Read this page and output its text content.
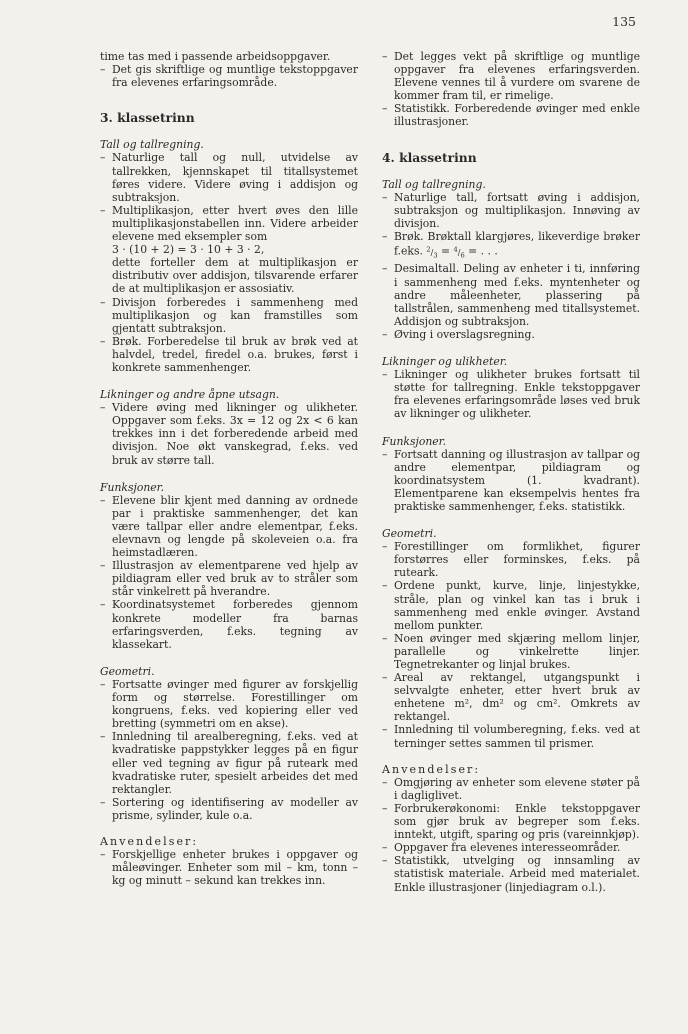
135
time tas med i passende arbeidsoppgaver.
– Det gis skriftlige og muntlige tekstoppgaver fra elevenes erfaringsområde.
3. klassetrinn
Tall og tallregning.
– Naturlige tall og null, utvidelse av tallrekken, kjennskapet til titallsystemet føres videre. Videre øving i addisjon og subtraksjon.
– Multiplikasjon, etter hvert øves den lille multiplikasjonstabellen inn. Videre arbeider elevene med eksempler som
3 · (10 + 2) = 3 · 10 + 3 · 2,
dette forteller dem at multiplikasjon er distributiv over addisjon, tilsvarende erfarer de at multiplikasjon er assosiativ.
– Divisjon forberedes i sammenheng med multiplikasjon og kan framstilles som gjentatt subtraksjon.
– Brøk. Forberedelse til bruk av brøk ved at halvdel, tredel, firedel o.a. brukes, først i konkrete sammenhenger.
Likninger og andre åpne utsagn.
– Videre øving med likninger og ulikheter. Oppgaver som f.eks. 3x = 12 og 2x < 6 kan trekkes inn i det forberedende arbeid med divisjon. Noe økt vanskegrad, f.eks. ved bruk av større tall.
Funksjoner.
– Elevene blir kjent med danning av ordnede par i praktiske sammenhenger, det kan være tallpar eller andre elementpar, f.eks. elevnavn og lengde på skoleveien o.a. fra heimstadlæren.
– Illustrasjon av elementparene ved hjelp av pildiagram eller ved bruk av to stråler som står vinkelrett på hverandre.
– Koordinatsystemet forberedes gjennom konkrete modeller fra barnas erfaringsverden, f.eks. tegning av klassekart.
Geometri.
– Fortsatte øvinger med figurer av forskjellig form og størrelse. Forestillinger om kongruens, f.eks. ved kopiering eller ved bretting (symmetri om en akse).
– Innledning til arealberegning, f.eks. ved at kvadratiske pappstykker legges på en figur eller ved tegning av figur på ruteark med kvadratiske ruter, spesielt arbeides det med rektangler.
– Sortering og identifisering av modeller av prisme, sylinder, kule o.a.
Anvendelser:
– Forskjellige enheter brukes i oppgaver og måleøvinger. Enheter som mil – km, tonn – kg og minutt – sekund kan trekkes inn.
– Det legges vekt på skriftlige og muntlige oppgaver fra elevenes erfaringsverden. Elevene vennes til å vurdere om svarene de kommer fram til, er rimelige.
– Statistikk. Forberedende øvinger med enkle illustrasjoner.
4. klassetrinn
Tall og tallregning.
– Naturlige tall, fortsatt øving i addisjon, subtraksjon og multiplikasjon. Innøving av divisjon.
– Brøk. Brøktall klargjøres, likeverdige brøker f.eks. $^2/_3 = ^4/_6$ = . . .
– Desimaltall. Deling av enheter i ti, innføring i sammenheng med f.eks. myntenheter og andre måleenheter, plassering på tallstrålen, sammenheng med titallsystemet. Addisjon og subtraksjon.
– Øving i overslagsregning.
Likninger og ulikheter.
– Likninger og ulikheter brukes fortsatt til støtte for tallregning. Enkle tekstoppgaver fra elevenes erfaringsområde løses ved bruk av likninger og ulikheter.
Funksjoner.
– Fortsatt danning og illustrasjon av tallpar og andre elementpar, pildiagram og koordinatsystem (1. kvadrant). Elementparene kan eksempelvis hentes fra praktiske sammenhenger, f.eks. statistikk.
Geometri.
– Forestillinger om formlikhet, figurer forstørres eller forminskes, f.eks. på ruteark.
– Ordene punkt, kurve, linje, linjestykke, stråle, plan og vinkel kan tas i bruk i sammenheng med enkle øvinger. Avstand mellom punkter.
– Noen øvinger med skjæring mellom linjer, parallelle og vinkelrette linjer. Tegnetrekanter og linjal brukes.
– Areal av rektangel, utgangspunkt i selvvalgte enheter, etter hvert bruk av enhetene m², dm² og cm². Omkrets av rektangel.
– Innledning til volumberegning, f.eks. ved at terninger settes sammen til prismer.
Anvendelser:
– Omgjøring av enheter som elevene støter på i dagliglivet.
– Forbrukerøkonomi: Enkle tekstoppgaver som gjør bruk av begreper som f.eks. inntekt, utgift, sparing og pris (vareinnkjøp).
– Oppgaver fra elevenes interesseområder.
– Statistikk, utvelging og innsamling av statistisk materiale. Arbeid med materialet. Enkle illustrasjoner (linjediagram o.l.).
